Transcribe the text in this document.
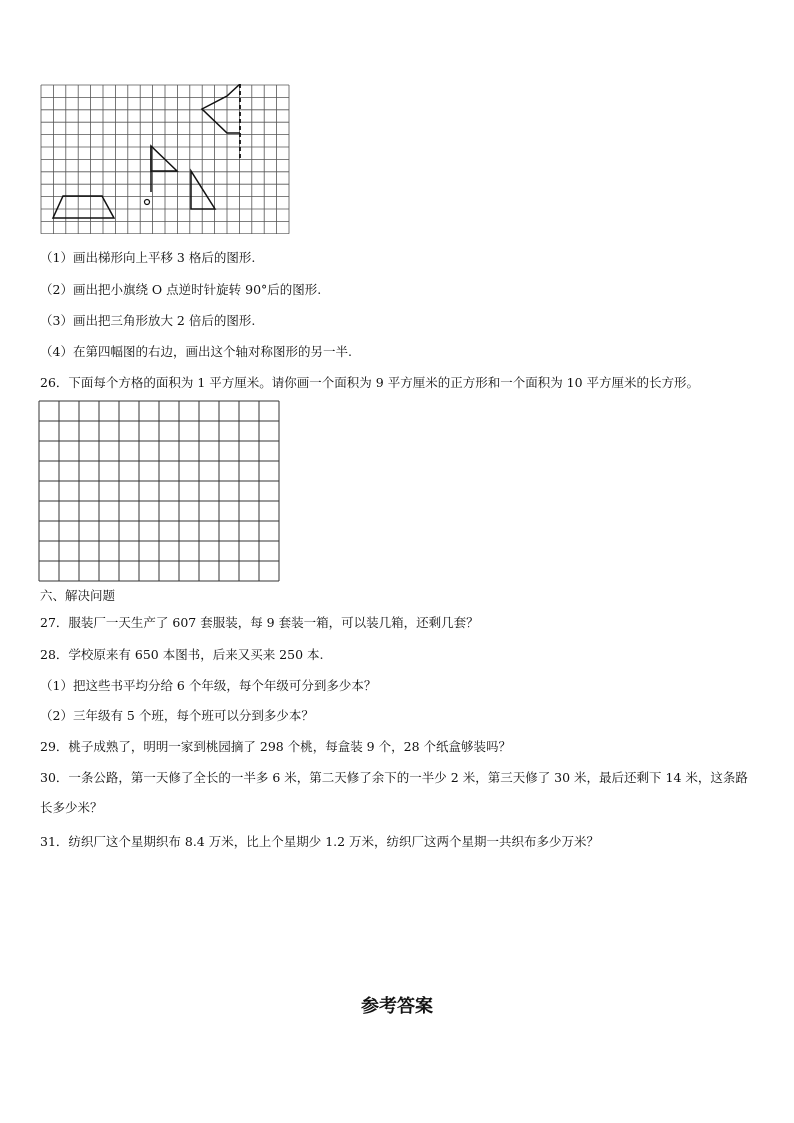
（1）画出梯形向上平移 3 格后的图形.
（2）画出把小旗绕 O 点逆时针旋转 90°后的图形.
（3）画出把三角形放大 2 倍后的图形.
（4）在第四幅图的右边，画出这个轴对称图形的另一半.
26．下面每个方格的面积为 1 平方厘米。请你画一个面积为 9 平方厘米的正方形和一个面积为 10 平方厘米的长方形。
六、解决问题
27．服装厂一天生产了 607 套服装，每 9 套装一箱，可以装几箱，还剩几套？
28．学校原来有 650 本图书，后来又买来 250 本.
（1）把这些书平均分给 6 个年级，每个年级可分到多少本？
（2）三年级有 5 个班，每个班可以分到多少本？
29．桃子成熟了，明明一家到桃园摘了 298 个桃，每盒装 9 个，28 个纸盒够装吗？
30．一条公路，第一天修了全长的一半多 6 米，第二天修了余下的一半少 2 米，第三天修了 30 米，最后还剩下 14 米，这条路长多少米？
31．纺织厂这个星期织布 8.4 万米，比上个星期少 1.2 万米，纺织厂这两个星期一共织布多少万米？
参考答案
